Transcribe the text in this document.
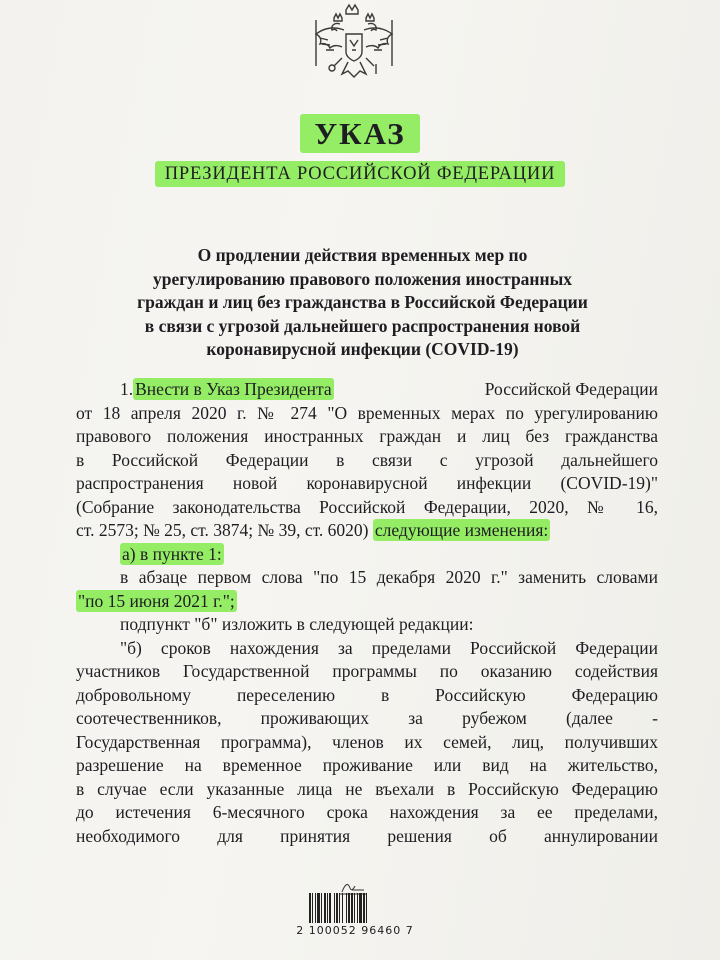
УКАЗ
ПРЕЗИДЕНТА РОССИЙСКОЙ ФЕДЕРАЦИИ
О продлении действия временных мер по
урегулированию правового положения иностранных
граждан и лиц без гражданства в Российской Федерации
в связи с угрозой дальнейшего распространения новой
коронавирусной инфекции (COVID-19)
1. Внести в Указ Президента	Российской Федерации
от 18 апреля 2020 г. № 274 "О временных мерах по урегулированию
правового положения иностранных граждан и лиц без гражданства
в Российской Федерации в связи с угрозой дальнейшего
распространения новой коронавирусной инфекции (COVID-19)"
(Собрание законодательства Российской Федерации, 2020, № 16,
ст. 2573; № 25, ст. 3874; № 39, ст. 6020) следующие изменения:
а) в пункте 1:
в абзаце первом слова "по 15 декабря 2020 г." заменить словами
"по 15 июня 2021 г.";
подпункт "б" изложить в следующей редакции:
"б) сроков нахождения за пределами Российской Федерации
участников Государственной программы по оказанию содействия
добровольному переселению в Российскую Федерацию
соотечественников, проживающих за рубежом (далее -
Государственная программа), членов их семей, лиц, получивших
разрешение на временное проживание или вид на жительство,
в случае если указанные лица не въехали в Российскую Федерацию
до истечения 6-месячного срока нахождения за ее пределами,
необходимого для принятия решения об аннулировании
2 100052 96460 7
